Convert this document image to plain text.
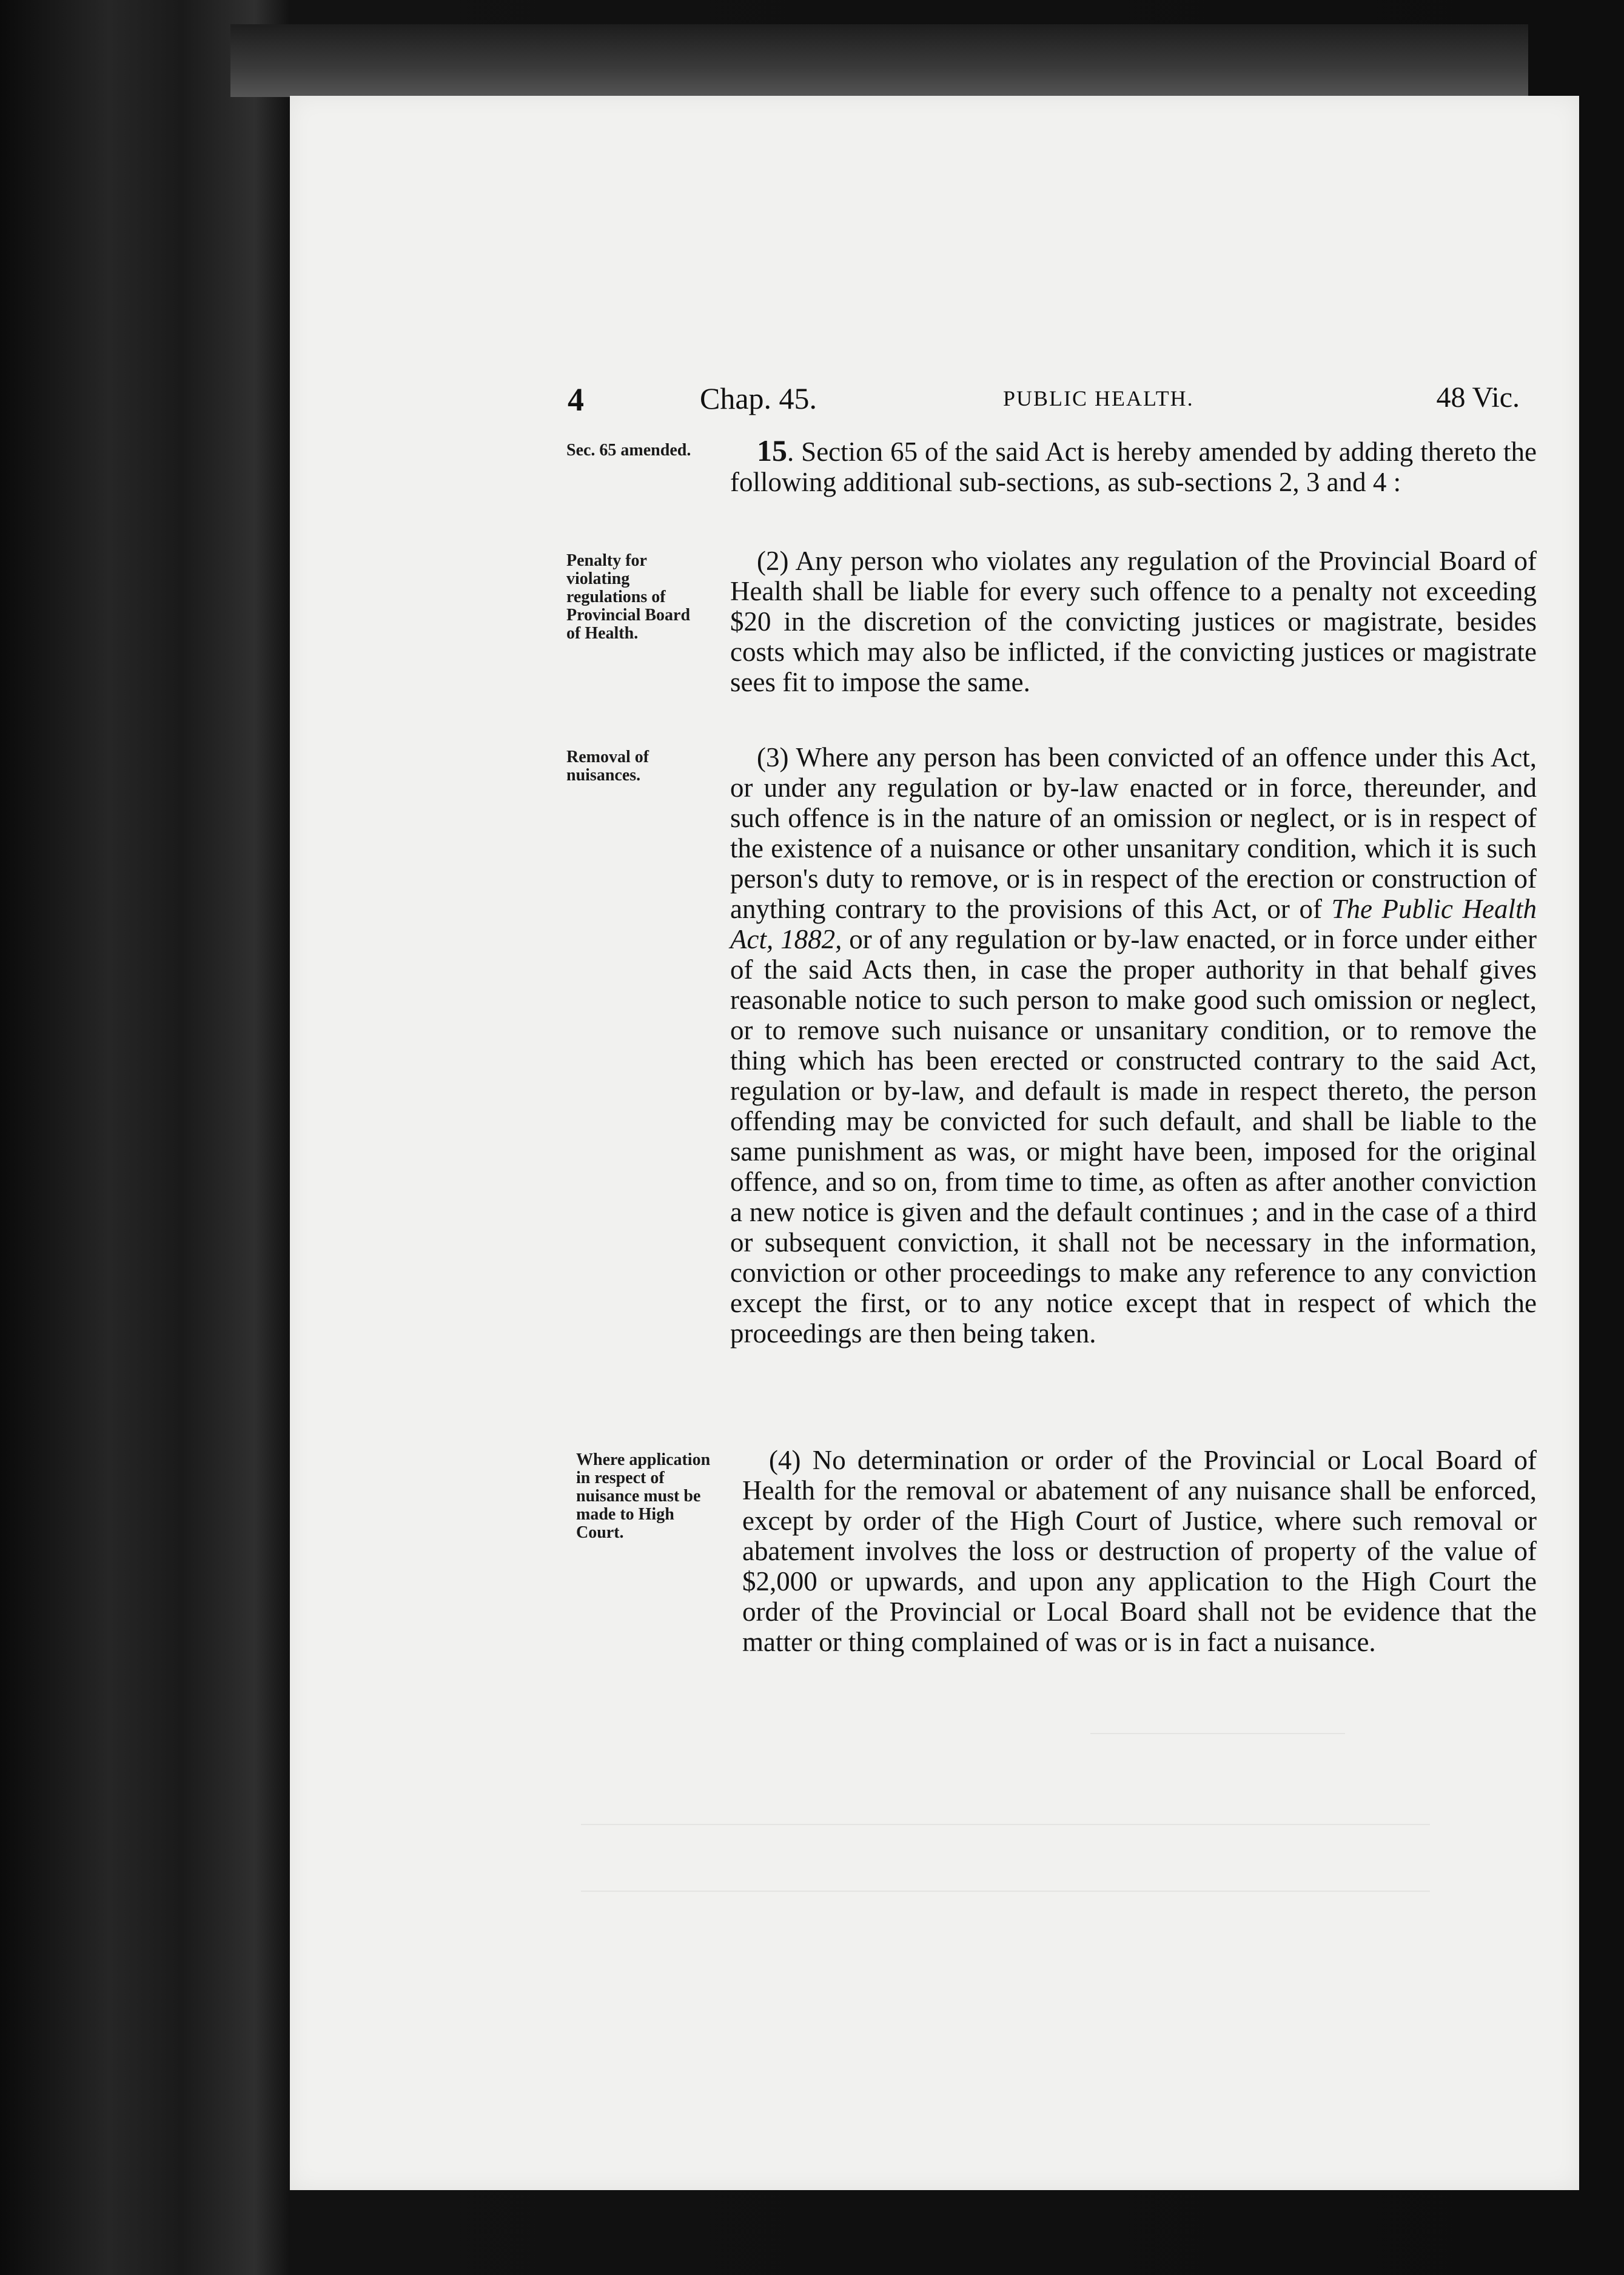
4	Chap. 45.	PUBLIC HEALTH.	48 Vic.
Sec. 65 amended.	15. Section 65 of the said Act is hereby amended by adding thereto the following additional sub-sections, as sub-sections 2, 3 and 4 :

Penalty for violating regulations of Provincial Board of Health.

(2) Any person who violates any regulation of the Provincial Board of Health shall be liable for every such offence to a penalty not exceeding $20 in the discretion of the convicting justices or magistrate, besides costs which may also be inflicted, if the convicting justices or magistrate sees fit to impose the same.

Removal of nuisances.

(3) Where any person has been convicted of an offence under this Act, or under any regulation or by-law enacted or in force, thereunder, and such offence is in the nature of an omission or neglect, or is in respect of the existence of a nuisance or other unsanitary condition, which it is such person's duty to remove, or is in respect of the erection or construction of anything contrary to the provisions of this Act, or of The Public Health Act, 1882, or of any regulation or by-law enacted, or in force under either of the said Acts then, in case the proper authority in that behalf gives reasonable notice to such person to make good such omission or neglect, or to remove such nuisance or unsanitary condition, or to remove the thing which has been erected or constructed contrary to the said Act, regulation or by-law, and default is made in respect thereto, the person offending may be convicted for such default, and shall be liable to the same punishment as was, or might have been, imposed for the original offence, and so on, from time to time, as often as after another conviction a new notice is given and the default continues ; and in the case of a third or subsequent conviction, it shall not be necessary in the information, conviction or other proceedings to make any reference to any conviction except the first, or to any notice except that in respect of which the proceedings are then being taken.

Where application in respect of nuisance must be made to High Court.

(4) No determination or order of the Provincial or Local Board of Health for the removal or abatement of any nuisance shall be enforced, except by order of the High Court of Justice, where such removal or abatement involves the loss or destruction of property of the value of $2,000 or upwards, and upon any application to the High Court the order of the Provincial or Local Board shall not be evidence that the matter or thing complained of was or is in fact a nuisance.
